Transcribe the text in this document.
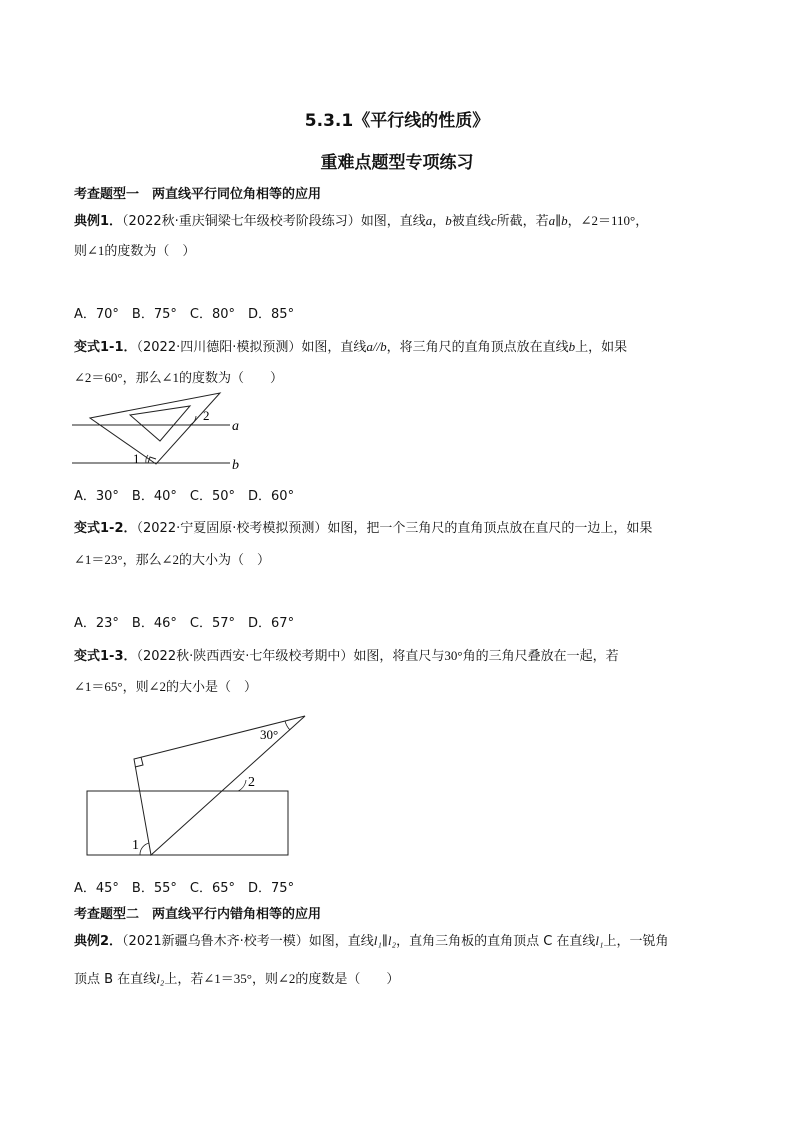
5.3.1《平行线的性质》
重难点题型专项练习
考查题型一　两直线平行同位角相等的应用
典例1．（2022秋·重庆铜梁七年级校考阶段练习）如图，直线a，b被直线c所截，若a∥b，∠2＝110°，
则∠1的度数为（　）
A．70°　B．75°　C．80°　D．85°
变式1-1．（2022·四川德阳·模拟预测）如图，直线a//b，将三角尺的直角顶点放在直线b上，如果
∠2＝60°，那么∠1的度数为（　　）
1
2
a
b
A．30°　B．40°　C．50°　D．60°
变式1-2．（2022·宁夏固原·校考模拟预测）如图，把一个三角尺的直角顶点放在直尺的一边上，如果
∠1＝23°，那么∠2的大小为（　）
A．23°　B．46°　C．57°　D．67°
变式1-3．（2022秋·陕西西安·七年级校考期中）如图，将直尺与30°角的三角尺叠放在一起，若
∠1＝65°，则∠2的大小是（　）
1
2
30°
A．45°　B．55°　C．65°　D．75°
考查题型二　两直线平行内错角相等的应用
典例2．（2021新疆乌鲁木齐·校考一模）如图，直线l₁∥l₂，直角三角板的直角顶点 C 在直线l₁上，一锐角
顶点 B 在直线l₂上，若∠1＝35°，则∠2的度数是（　　）
